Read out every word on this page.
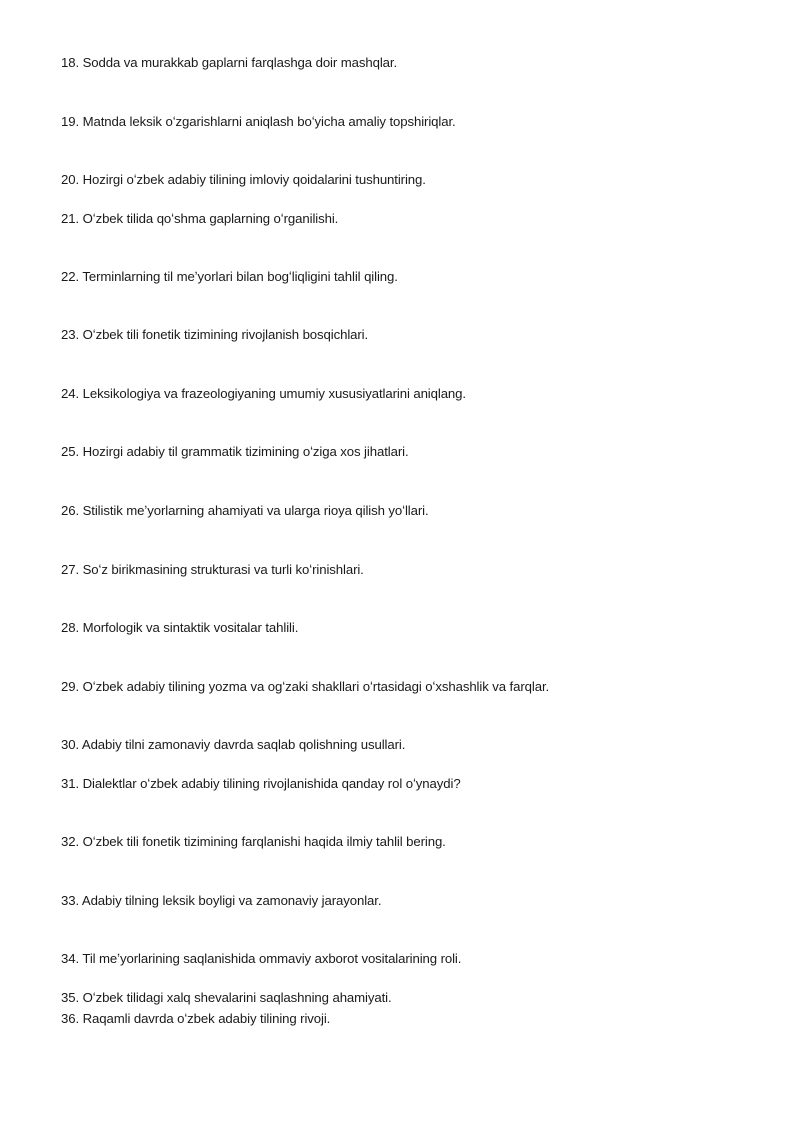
18. Sodda va murakkab gaplarni farqlashga doir mashqlar.
19. Matnda leksik oʻzgarishlarni aniqlash boʻyicha amaliy topshiriqlar.
20. Hozirgi oʻzbek adabiy tilining imloviy qoidalarini tushuntiring.
21. Oʻzbek tilida qoʻshma gaplarning oʻrganilishi.
22. Terminlarning til meʼyorlari bilan bogʻliqligini tahlil qiling.
23. Oʻzbek tili fonetik tizimining rivojlanish bosqichlari.
24. Leksikologiya va frazeologiyaning umumiy xususiyatlarini aniqlang.
25. Hozirgi adabiy til grammatik tizimining oʻziga xos jihatlari.
26. Stilistik meʼyorlarning ahamiyati va ularga rioya qilish yoʻllari.
27. Soʻz birikmasining strukturasi va turli koʻrinishlari.
28. Morfologik va sintaktik vositalar tahlili.
29. Oʻzbek adabiy tilining yozma va ogʻzaki shakllari oʻrtasidagi oʻxshashlik va farqlar.
30. Adabiy tilni zamonaviy davrda saqlab qolishning usullari.
31. Dialektlar oʻzbek adabiy tilining rivojlanishida qanday rol oʻynaydi?
32. Oʻzbek tili fonetik tizimining farqlanishi haqida ilmiy tahlil bering.
33. Adabiy tilning leksik boyligi va zamonaviy jarayonlar.
34. Til meʼyorlarining saqlanishida ommaviy axborot vositalarining roli.
35. Oʻzbek tilidagi xalq shevalarini saqlashning ahamiyati.
36. Raqamli davrda oʻzbek adabiy tilining rivoji.
